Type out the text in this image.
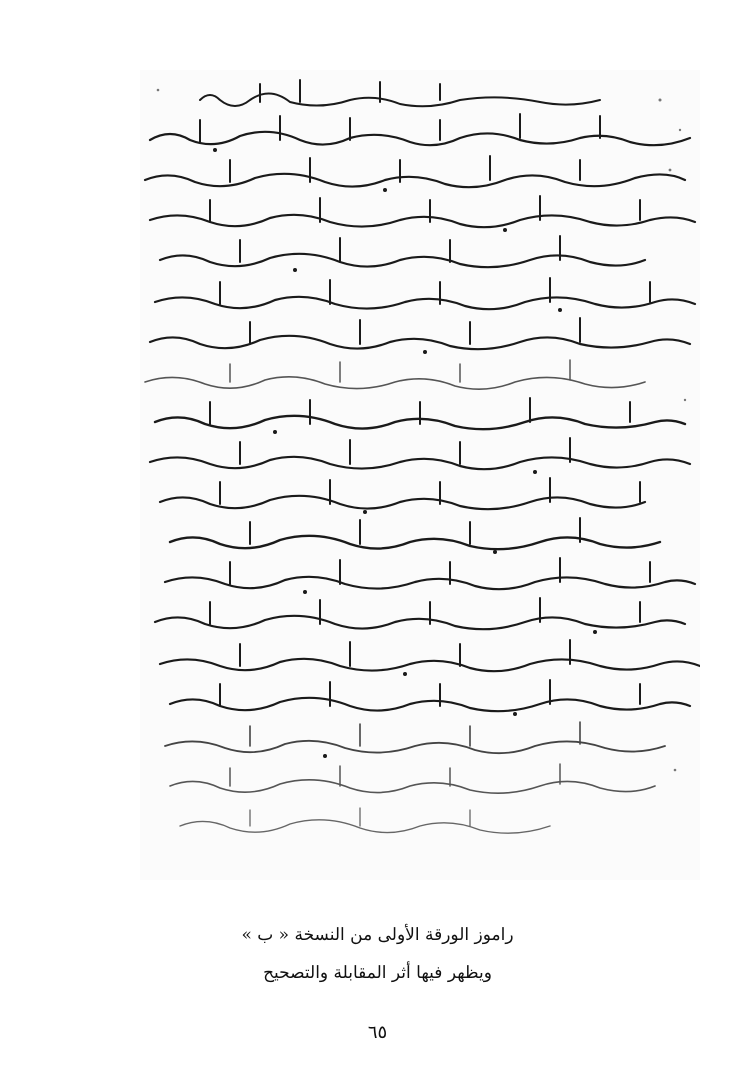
راموز الورقة الأولى من النسخة « ب »
ويظهر فيها أثر المقابلة والتصحيح
٦٥
